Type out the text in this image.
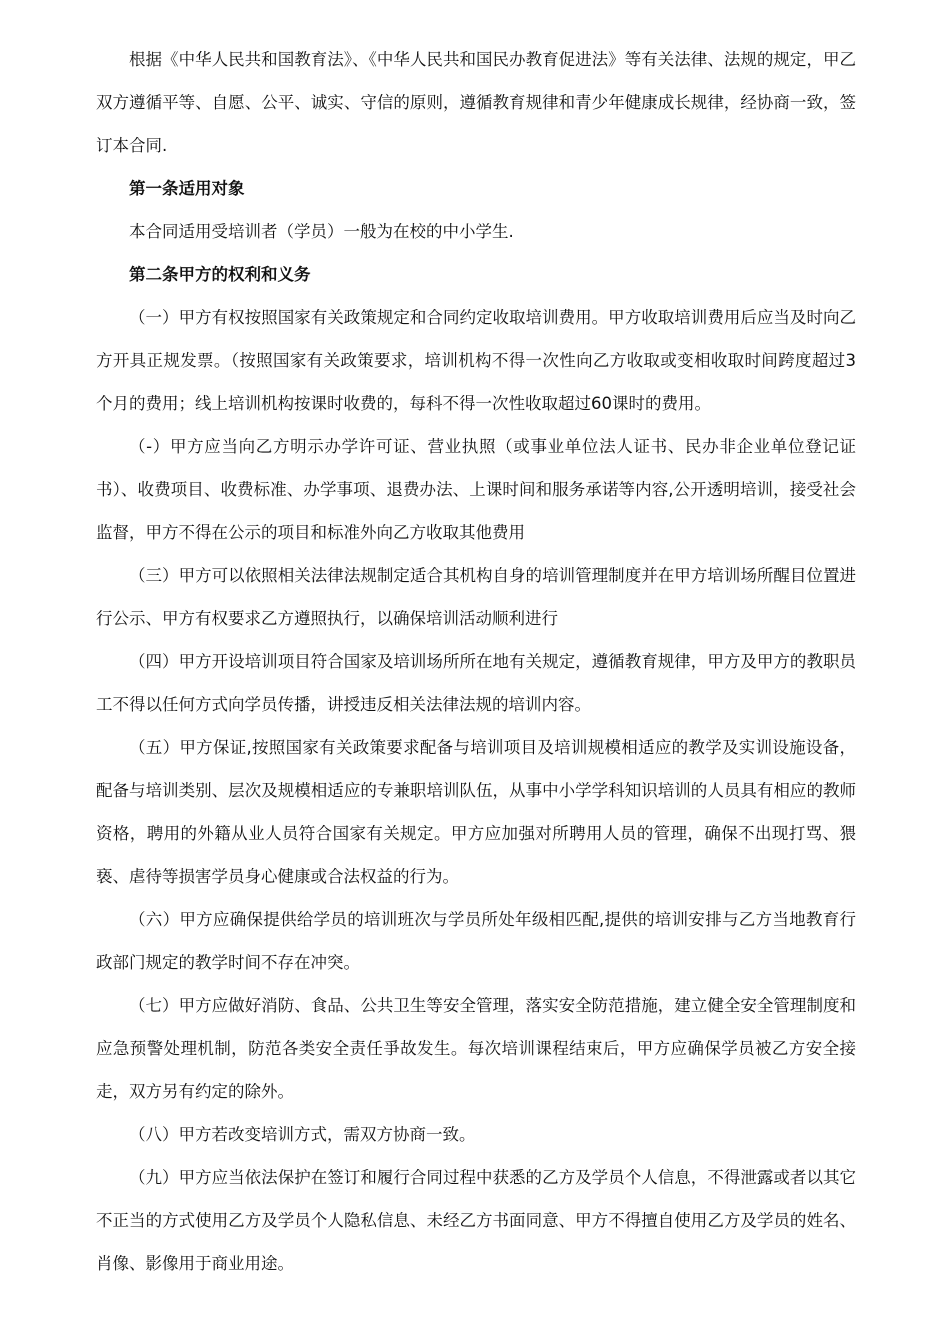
根据《中华人民共和国教育法》、《中华人民共和国民办教育促进法》等有关法律、法规的规定，甲乙双方遵循平等、自愿、公平、诚实、守信的原则，遵循教育规律和青少年健康成长规律，经协商一致，签订本合同.

第一条适用对象

本合同适用受培训者（学员）一般为在校的中小学生.

第二条甲方的权利和义务

（一）甲方有权按照国家有关政策规定和合同约定收取培训费用。甲方收取培训费用后应当及时向乙方开具正规发票。（按照国家有关政策要求，培训机构不得一次性向乙方收取或变相收取时间跨度超过3个月的费用；线上培训机构按课时收费的，每科不得一次性收取超过60课时的费用。

（-）甲方应当向乙方明示办学许可证、营业执照（或事业单位法人证书、民办非企业单位登记证书）、收费项目、收费标准、办学事项、退费办法、上课时间和服务承诺等内容,公开透明培训，接受社会监督，甲方不得在公示的项目和标准外向乙方收取其他费用

（三）甲方可以依照相关法律法规制定适合其机构自身的培训管理制度并在甲方培训场所醒目位置进行公示、甲方有权要求乙方遵照执行，以确保培训活动顺利进行

（四）甲方开设培训项目符合国家及培训场所所在地有关规定，遵循教育规律，甲方及甲方的教职员工不得以任何方式向学员传播，讲授违反相关法律法规的培训内容。

（五）甲方保证,按照国家有关政策要求配备与培训项目及培训规模相适应的教学及实训设施设备，配备与培训类别、层次及规模相适应的专兼职培训队伍，从事中小学学科知识培训的人员具有相应的教师资格，聘用的外籍从业人员符合国家有关规定。甲方应加强对所聘用人员的管理，确保不出现打骂、猥亵、虐待等损害学员身心健康或合法权益的行为。

（六）甲方应确保提供给学员的培训班次与学员所处年级相匹配,提供的培训安排与乙方当地教育行政部门规定的教学时间不存在冲突。

（七）甲方应做好消防、食品、公共卫生等安全管理，落实安全防范措施，建立健全安全管理制度和应急预警处理机制，防范各类安全责任爭故发生。每次培训课程结束后，甲方应确保学员被乙方安全接走，双方另有约定的除外。

（八）甲方若改变培训方式，需双方协商一致。

（九）甲方应当依法保护在签订和履行合同过程中获悉的乙方及学员个人信息，不得泄露或者以其它不正当的方式使用乙方及学员个人隐私信息、未经乙方书面同意、甲方不得擅自使用乙方及学员的姓名、肖像、影像用于商业用途。
